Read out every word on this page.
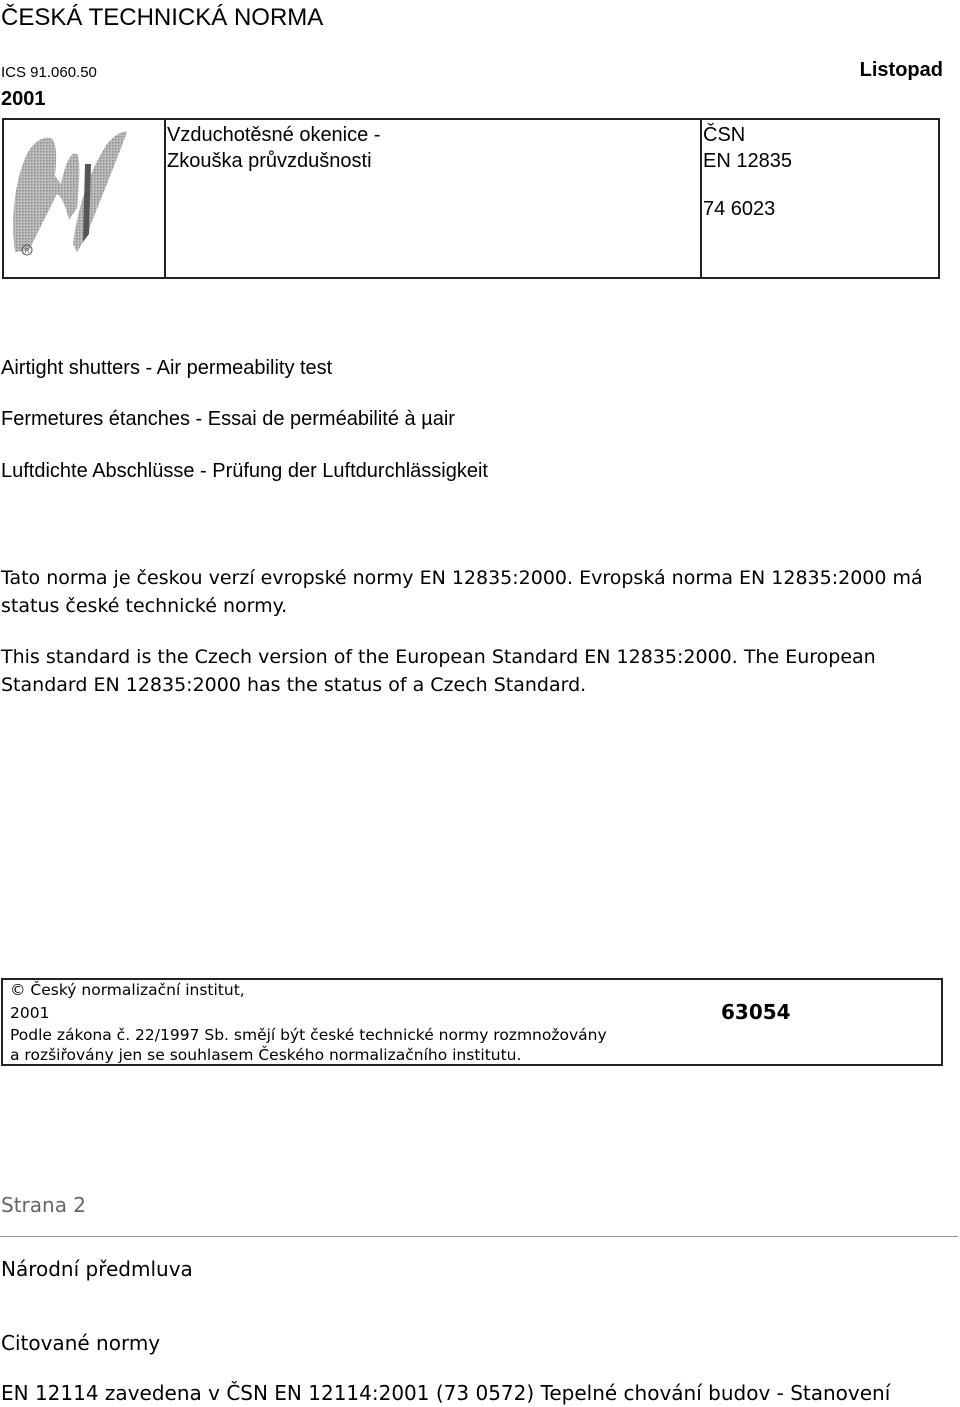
ČESKÁ TECHNICKÁ NORMA
ICS 91.060.50	Listopad
2001
R
Vzduchotěsné okenice -
Zkouška průvzdušnosti
ČSN
EN 12835
74 6023
Airtight shutters - Air permeability test
Fermetures étanches - Essai de perméabilité à µair
Luftdichte Abschlüsse - Prüfung der Luftdurchlässigkeit
Tato norma je českou verzí evropské normy EN 12835:2000. Evropská norma EN 12835:2000 má status české technické normy.
This standard is the Czech version of the European Standard EN 12835:2000. The European Standard EN 12835:2000 has the status of a Czech Standard.
© Český normalizační institut,
2001	63054
Podle zákona č. 22/1997 Sb. smějí být české technické normy rozmnožovány
a rozšiřovány jen se souhlasem Českého normalizačního institutu.
Strana 2
Národní předmluva
Citované normy
EN 12114 zavedena v ČSN EN 12114:2001 (73 0572) Tepelné chování budov - Stanovení
